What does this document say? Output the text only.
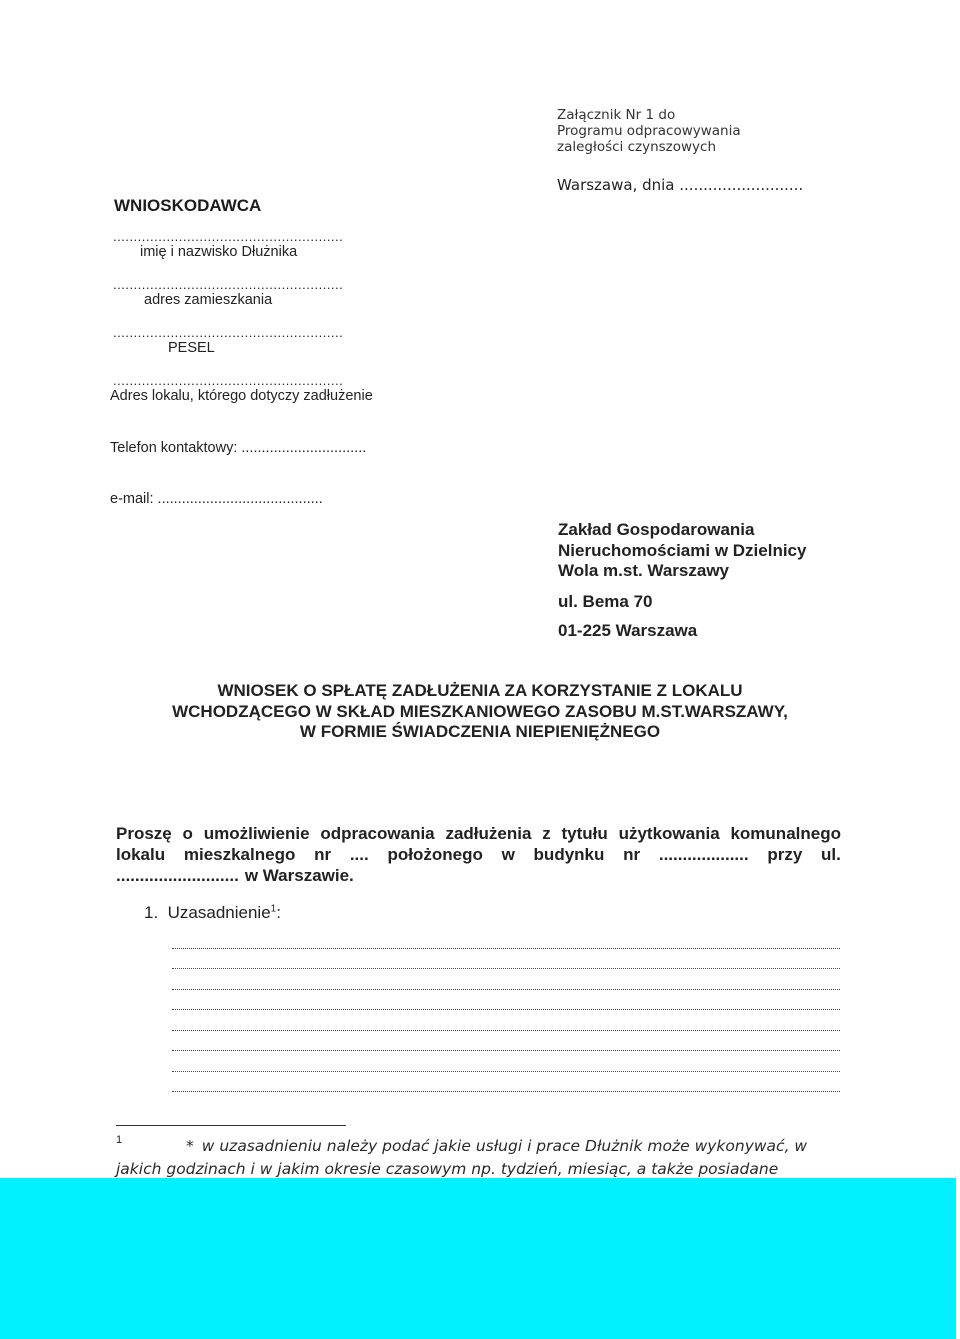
Załącznik Nr 1 do
Programu odpracowywania
zaległości czynszowych
Warszawa, dnia ..........................
WNIOSKODAWCA
........................................................
imię i nazwisko Dłużnika
........................................................
adres zamieszkania
........................................................
PESEL
........................................................
Adres lokalu, którego dotyczy zadłużenie
Telefon kontaktowy: ...............................
e-mail: .........................................
Zakład Gospodarowania Nieruchomościami w Dzielnicy Wola m.st. Warszawy
ul. Bema 70
01-225 Warszawa
WNIOSEK O SPŁATĘ ZADŁUŻENIA ZA KORZYSTANIE Z LOKALU
WCHODZĄCEGO W SKŁAD MIESZKANIOWEGO ZASOBU M.ST.WARSZAWY,
W FORMIE ŚWIADCZENIA NIEPIENIĘŻNEGO
Proszę o umożliwienie odpracowania zadłużenia z tytułu użytkowania komunalnego
lokalu mieszkalnego nr .... położonego w budynku nr ................... przy ul.
.......................... w Warszawie.
1. Uzasadnienie$^1$:
1	* w uzasadnieniu należy podać jakie usługi i prace Dłużnik może wykonywać, w jakich godzinach i w jakim okresie czasowym np. tydzień, miesiąc, a także posiadane
